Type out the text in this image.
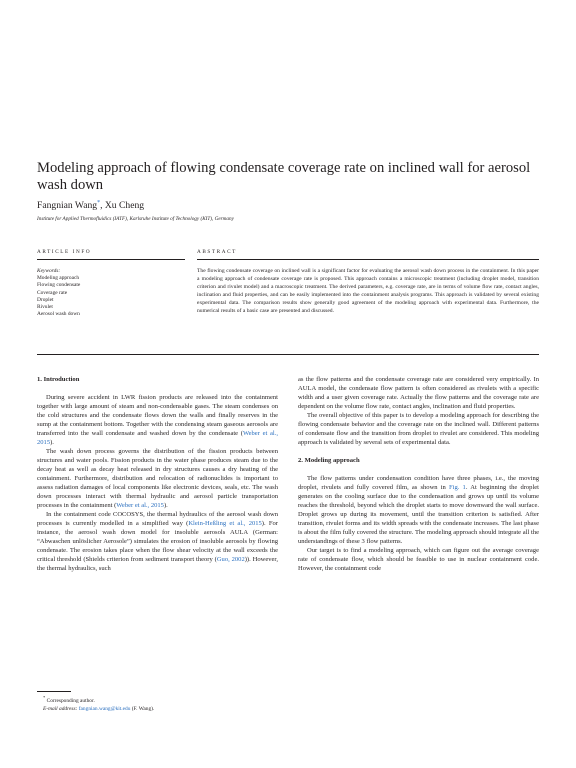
Modeling approach of flowing condensate coverage rate on inclined wall for aerosol wash down
Fangnian Wang*, Xu Cheng
Institute for Applied Thermofluidics (IATF), Karlsruhe Institute of Technology (KIT), Germany
ARTICLE INFO	ABSTRACT
Keywords:
Modeling approach
Flowing condensate
Coverage rate
Droplet
Rivulet
Aerosol wash down
The flowing condensate coverage on inclined wall is a significant factor for evaluating the aerosol wash down process in the containment. In this paper a modeling approach of condensate coverage rate is proposed. This approach contains a microscopic treatment (including droplet model, transition criterion and rivulet model) and a macroscopic treatment. The derived parameters, e.g. coverage rate, are in terms of volume flow rate, contact angles, inclination and fluid properties, and can be easily implemented into the containment analysis programs. This approach is validated by several existing experimental data. The comparison results show generally good agreement of the modeling approach with experimental data. Furthermore, the numerical results of a basic case are presented and discussed.
1. Introduction

During severe accident in LWR fission products are released into the containment together with large amount of steam and non-condensable gases. The steam condenses on the cold structures and the condensate flows down the walls and finally reserves in the sump at the containment bottom. Together with the condensing steam gaseous aerosols are transferred into the wall condensate and washed down by the condensate (Weber et al., 2015).

The wash down process governs the distribution of the fission products between structures and water pools. Fission products in the water phase produces steam due to the decay heat as well as decay heat released in dry structures causes a dry heating of the containment. Furthermore, distribution and relocation of radionuclides is important to assess radiation damages of local components like electronic devices, seals, etc. The wash down processes interact with thermal hydraulic and aerosol particle transportation processes in the containment (Weber et al., 2015).

In the containment code COCOSYS, the thermal hydraulics of the aerosol wash down processes is currently modelled in a simplified way (Klein-Heßling et al., 2015). For instance, the aerosol wash down model for insoluble aerosols AULA (German: “Abwaschen unlöslicher Aerosole”) simulates the erosion of insoluble aerosols by flowing condensate. The erosion takes place when the flow shear velocity at the wall exceeds the critical threshold (Shields criterion from sediment transport theory (Guo, 2002)). However, the thermal hydraulics, such

as the flow patterns and the condensate coverage rate are considered very empirically. In AULA model, the condensate flow pattern is often considered as rivulets with a specific width and a user given coverage rate. Actually the flow patterns and the coverage rate are dependent on the volume flow rate, contact angles, inclination and fluid properties.

The overall objective of this paper is to develop a modeling approach for describing the flowing condensate behavior and the coverage rate on the inclined wall. Different patterns of condensate flow and the transition from droplet to rivulet are considered. This modeling approach is validated by several sets of experimental data.

2. Modeling approach

The flow patterns under condensation condition have three phases, i.e., the moving droplet, rivulets and fully covered film, as shown in Fig. 1. At beginning the droplet generates on the cooling surface due to the condensation and grows up until its volume reaches the threshold, beyond which the droplet starts to move downward the wall surface. Droplet grows up during its movement, until the transition criterion is satisfied. After transition, rivulet forms and its width spreads with the condensate increases. The last phase is about the film fully covered the structure. The modeling approach should integrate all the understandings of these 3 flow patterns.

Our target is to find a modeling approach, which can figure out the average coverage rate of condensate flow, which should be feasible to use in nuclear containment code. However, the containment code

* Corresponding author.
E-mail address: fangnian.wang@kit.edu (F. Wang).
